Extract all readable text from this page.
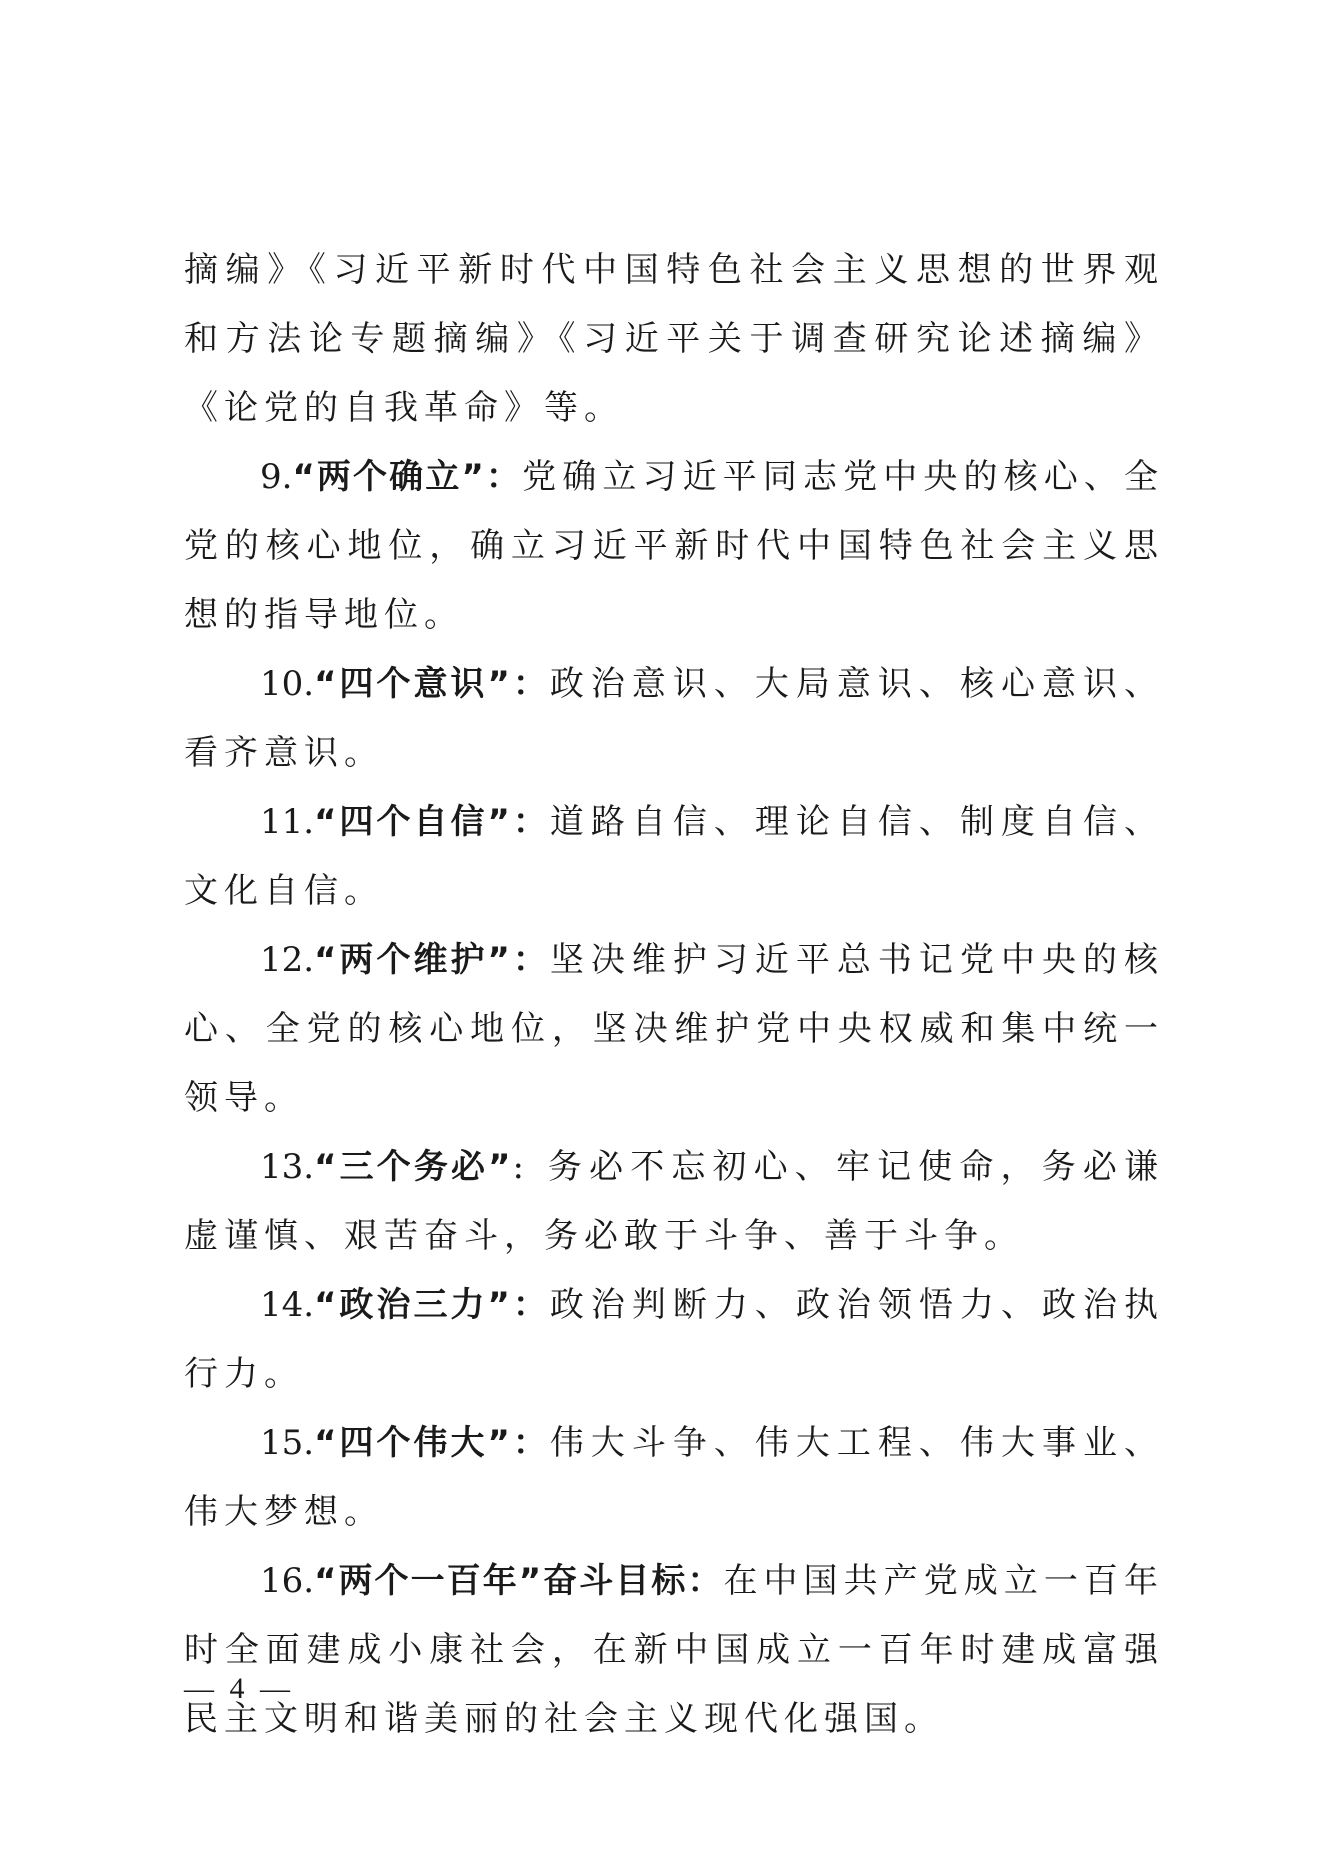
摘编》《习近平新时代中国特色社会主义思想的世界观和方法论专题摘编》《习近平关于调查研究论述摘编》《论党的自我革命》等。

9.“两个确立”：党确立习近平同志党中央的核心、全党的核心地位，确立习近平新时代中国特色社会主义思想的指导地位。

10.“四个意识”：政治意识、大局意识、核心意识、看齐意识。

11.“四个自信”：道路自信、理论自信、制度自信、文化自信。

12.“两个维护”：坚决维护习近平总书记党中央的核心、全党的核心地位，坚决维护党中央权威和集中统一领导。

13.“三个务必”: 务必不忘初心、牢记使命，务必谦虚谨慎、艰苦奋斗，务必敢于斗争、善于斗争。

14.“政治三力”：政治判断力、政治领悟力、政治执行力。

15.“四个伟大”：伟大斗争、伟大工程、伟大事业、伟大梦想。

16.“两个一百年”奋斗目标：在中国共产党成立一百年时全面建成小康社会，在新中国成立一百年时建成富强民主文明和谐美丽的社会主义现代化强国。

— 4 —
